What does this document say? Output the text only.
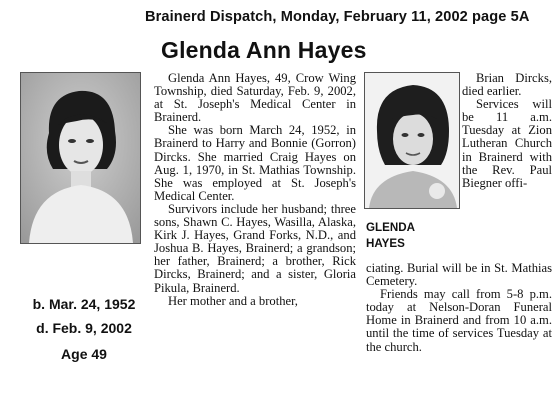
Brainerd Dispatch, Monday, February 11, 2002 page 5A
Glenda Ann Hayes

Glenda Ann Hayes, 49, Crow Wing Township, died Saturday, Feb. 9, 2002, at St. Joseph's Medical Center in Brainerd.

She was born March 24, 1952, in Brainerd to Harry and Bonnie (Gorron) Dircks. She married Craig Hayes on Aug. 1, 1970, in St. Mathias Township. She was employed at St. Joseph's Medical Center.

Survivors include her husband; three sons, Shawn C. Hayes, Wasilla, Alaska, Kirk J. Hayes, Grand Forks, N.D., and Joshua B. Hayes, Brainerd; a grandson; her father, Brainerd; a brother, Rick Dircks, Brainerd; and a sister, Gloria Pikula, Brainerd.

Her mother and a brother,

Brian Dircks, died earlier.

Services will be 11 a.m. Tuesday at Zion Lutheran Church in Brainerd with the Rev. Paul Biegner offi-

GLENDA
HAYES

ciating. Burial will be in St. Mathias Cemetery.

Friends may call from 5-8 p.m. today at Nelson-Doran Funeral Home in Brainerd and from 10 a.m. until the time of services Tuesday at the church.

b. Mar. 24, 1952
d. Feb. 9, 2002
Age 49
